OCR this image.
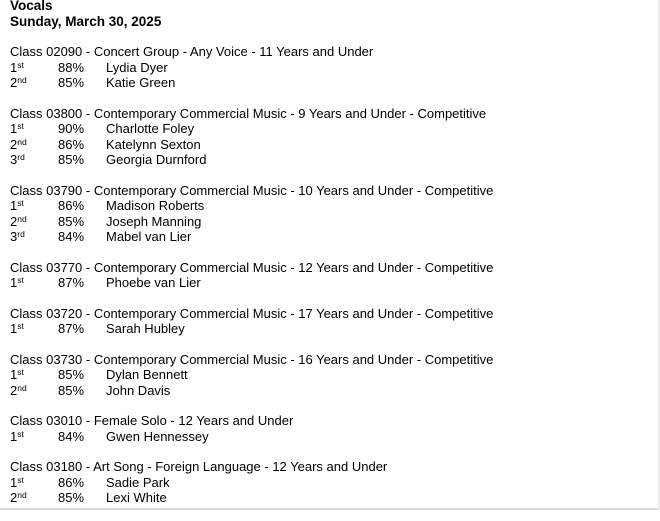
Vocals
Sunday, March 30, 2025
Class 02090 - Concert Group - Any Voice - 11 Years and Under
1st	88%	Lydia Dyer
2nd	85%	Katie Green
Class 03800 - Contemporary Commercial Music - 9 Years and Under - Competitive
1st	90%	Charlotte Foley
2nd	86%	Katelynn Sexton
3rd	85%	Georgia Durnford
Class 03790 - Contemporary Commercial Music - 10 Years and Under - Competitive
1st	86%	Madison Roberts
2nd	85%	Joseph Manning
3rd	84%	Mabel van Lier
Class 03770 - Contemporary Commercial Music - 12 Years and Under - Competitive
1st	87%	Phoebe van Lier
Class 03720 - Contemporary Commercial Music - 17 Years and Under - Competitive
1st	87%	Sarah Hubley
Class 03730 - Contemporary Commercial Music - 16 Years and Under - Competitive
1st	85%	Dylan Bennett
2nd	85%	John Davis
Class 03010 - Female Solo - 12 Years and Under
1st	84%	Gwen Hennessey
Class 03180 - Art Song - Foreign Language - 12 Years and Under
1st	86%	Sadie Park
2nd	85%	Lexi White
